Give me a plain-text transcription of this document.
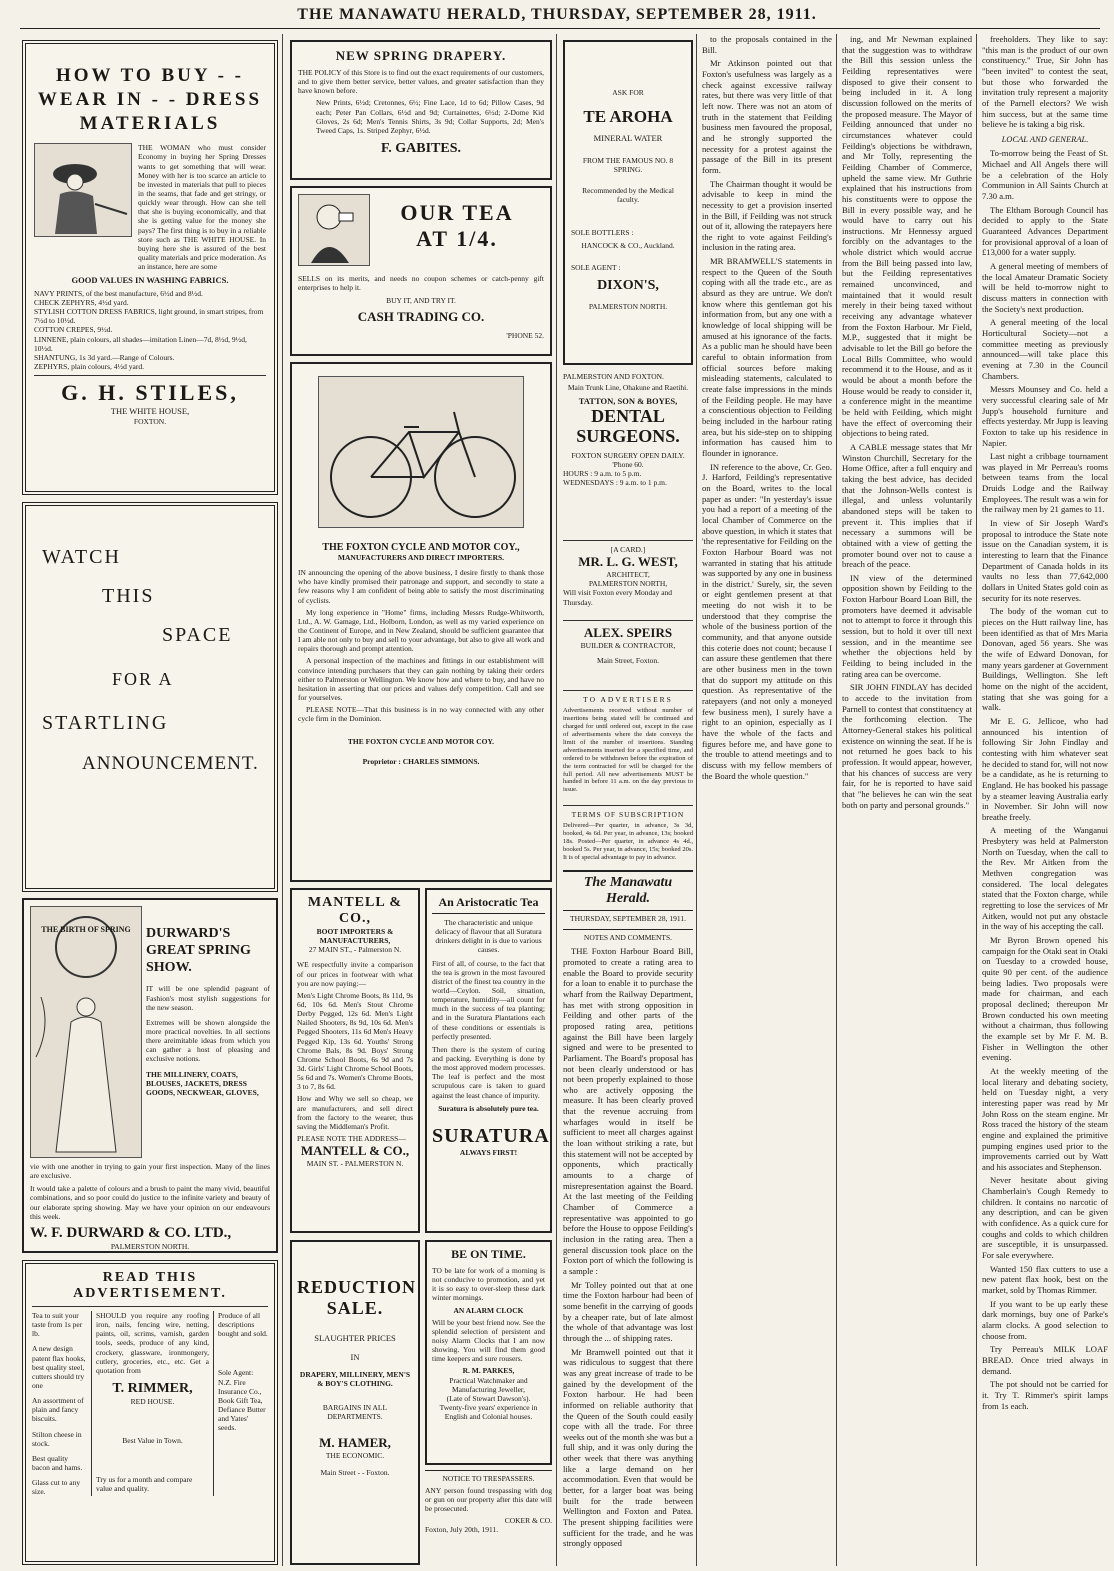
THE MANAWATU HERALD, THURSDAY, SEPTEMBER 28, 1911.
HOW TO BUY - - WEAR IN - - DRESS MATERIALS
THE WOMAN who must consider Economy in buying her Spring Dresses wants to get something that will wear. Money with her is too scarce an article to be invested in materials that pull to pieces in the seams, that fade and get stringy, or quickly wear through. How can she tell that she is buying economically, and that she is getting value for the money she pays? The first thing is to buy in a reliable store such as THE WHITE HOUSE. In buying here she is assured of the best quality materials and price moderation. As an instance, here are some
GOOD VALUES IN WASHING FABRICS.
NAVY PRINTS, of the best manufacture, 6½d and 8½d.
CHECK ZEPHYRS, 4½d yard.
STYLISH COTTON DRESS FABRICS, light ground, in smart stripes, from 7½d to 10½d.
COTTON CREPES, 9½d.
LINNENE, plain colours, all shades—imitation Linen—7d, 8½d, 9½d, 10½d.
SHANTUNG, 1s 3d yard.—Range of Colours.
ZEPHYRS, plain colours, 4½d yard.
G. H. STILES,
THE WHITE HOUSE,
FOXTON.
WATCH
THIS
SPACE
FOR A
STARTLING
ANNOUNCEMENT.
THE BIRTH OF SPRING DURWARD'S GREAT SPRING SHOW.
IT will be one splendid pageant of Fashion's most stylish suggestions for the new season.
Extremes will be shown alongside the more practical novelties. In all sections there areimitable ideas from which you can gather a host of pleasing and exclusive notions.
THE MILLINERY, COATS, BLOUSES, JACKETS, DRESS GOODS, NECKWEAR, GLOVES,
vie with one another in trying to gain your first inspection. Many of the lines are exclusive.
It would take a palette of colours and a brush to paint the many vivid, beautiful combinations, and so poor could do justice to the infinite variety and beauty of our elaborate spring showing. May we have your opinion on our endeavours this week.
W. F. DURWARD & CO. LTD.,
PALMERSTON NORTH.
READ THIS ADVERTISEMENT.
Tea to suit your taste from 1s per lb.
A new design patent flax hooks, best quality steel, cutters should try one
An assortment of plain and fancy biscuits.
Stilton cheese in stock.
Best quality bacon and hams.
Glass cut to any size.
SHOULD you require any roofing iron, nails, fencing wire, netting, paints, oil, scrims, varnish, garden tools, seeds, produce of any kind, crockery, glassware, ironmongery, cutlery, groceries, etc., etc. Get a quotation from
T. RIMMER,
RED HOUSE.
Best Value in Town.
Try us for a month and compare value and quality.
Produce of all descriptions bought and sold.
Sole Agent: N.Z. Fire Insurance Co., Book Gift Tea, Defiance Butter and Yates' seeds.
NEW SPRING DRAPERY.
THE POLICY of this Store is to find out the exact requirements of our customers, and to give them better service, better values, and greater satisfaction than they have known before.
New Prints, 6½d; Cretonnes, 6½; Fine Lace, 1d to 6d; Pillow Cases, 9d each; Peter Pan Collars, 6½d and 9d; Curtainettes, 6½d; 2-Dome Kid Gloves, 2s 6d; Men's Tennis Shirts, 3s 9d; Collar Supports, 2d; Men's Tweed Caps, 1s. Striped Zephyr, 6½d.
F. GABITES.
OUR TEA
AT 1/4.
SELLS on its merits, and needs no coupon schemes or catch-penny gift enterprises to help it.
BUY IT, AND TRY IT.
CASH TRADING CO.
'PHONE 52.
THE FOXTON CYCLE AND MOTOR COY.,
MANUFACTURERS AND DIRECT IMPORTERS.
IN announcing the opening of the above business, I desire firstly to thank those who have kindly promised their patronage and support, and secondly to state a few reasons why I am confident of being able to satisfy the most discriminating of cyclists.
My long experience in "Home" firms, including Messrs Rudge-Whitworth, Ltd., A. W. Gamage, Ltd., Holborn, London, as well as my varied experience on the Continent of Europe, and in New Zealand, should be sufficient guarantee that I am able not only to buy and sell to your advantage, but also to give all work and repairs thorough and prompt attention.
A personal inspection of the machines and fittings in our establishment will convince intending purchasers that they can gain nothing by taking their orders either to Palmerston or Wellington. We know how and where to buy, and have no hesitation in asserting that our prices and values defy competition. Call and see for yourselves.
PLEASE NOTE—That this business is in no way connected with any other cycle firm in the Dominion.
THE FOXTON CYCLE AND MOTOR COY.
Proprietor : CHARLES SIMMONS.
MANTELL & CO.,
BOOT IMPORTERS & MANUFACTURERS,
27 MAIN ST., - Palmerston N.
WE respectfully invite a comparison of our prices in footwear with what you are now paying:—
Men's Light Chrome Boots, 8s 11d, 9s 6d, 10s 6d. Men's Stout Chrome Derby Pegged, 12s 6d. Men's Light Nailed Shooters, 8s 9d, 10s 6d. Men's Pegged Shooters, 11s 6d Men's Heavy Pegged Kip, 13s 6d. Youths' Strong Chrome Bals, 8s 9d. Boys' Strong Chrome School Boots, 6s 9d and 7s 3d. Girls' Light Chrome School Boots, 5s 6d and 7s. Women's Chrome Boots, 3 to 7, 8s 6d.
How and Why we sell so cheap, we are manufacturers, and sell direct from the factory to the wearer, thus saving the Middleman's Profit.
PLEASE NOTE THE ADDRESS—
MANTELL & CO.,
MAIN ST. - PALMERSTON N.
An Aristocratic Tea
The characteristic and unique delicacy of flavour that all Suratura drinkers delight in is due to various causes.
First of all, of course, to the fact that the tea is grown in the most favoured district of the finest tea country in the world—Ceylon. Soil, situation, temperature, humidity—all count for much in the success of tea planting; and in the Suratura Plantations each of these conditions or essentials is perfectly presented.
Then there is the system of curing and packing. Everything is done by the most approved modern processes. The leaf is perfect and the most scrupulous care is taken to guard against the least chance of impurity.
Suratura is absolutely pure tea.
SURATURA
ALWAYS FIRST!
REDUCTION
SALE.
SLAUGHTER PRICES
IN
DRAPERY, MILLINERY, MEN'S & BOY'S CLOTHING.
BARGAINS IN ALL DEPARTMENTS.
M. HAMER,
THE ECONOMIC.
Main Street - - Foxton.
BE ON TIME.
TO be late for work of a morning is not conducive to promotion, and yet it is so easy to over-sleep these dark winter mornings.
AN ALARM CLOCK
Will be your best friend now. See the splendid selection of persistent and noisy Alarm Clocks that I am now showing. You will find them good time keepers and sure rousers.
R. M. PARKES,
Practical Watchmaker and Manufacturing Jeweller,
(Late of Stewart Dawson's).
Twenty-five years' experience in English and Colonial houses.
NOTICE TO TRESPASSERS.
ANY person found trespassing with dog or gun on our property after this date will be prosecuted.
COKER & CO.
Foxton, July 20th, 1911.
ASK FOR
TE AROHA
MINERAL WATER
FROM THE FAMOUS NO. 8 SPRING.
Recommended by the Medical faculty.
SOLE BOTTLERS :
HANCOCK & CO., Auckland.
SOLE AGENT :
DIXON'S,
PALMERSTON NORTH.
PALMERSTON AND FOXTON.
Main Trunk Line, Ohakune and Raetihi.
TATTON, SON & BOYES,
DENTAL SURGEONS.
FOXTON SURGERY OPEN DAILY.
'Phone 60.
HOURS : 9 a.m. to 5 p.m.
WEDNESDAYS : 9 a.m. to 1 p.m.
[A CARD.]
MR. L. G. WEST,
ARCHITECT,
PALMERSTON NORTH,
Will visit Foxton every Monday and Thursday.
ALEX. SPEIRS
BUILDER & CONTRACTOR,
Main Street, Foxton.
TO ADVERTISERS
Advertisements received without number of insertions being stated will be continued and charged for until ordered out, except in the case of advertisements where the date conveys the limit of the number of insertions. Standing advertisements inserted for a specified time, and ordered to be withdrawn before the expiration of the term contracted for will be charged for the full period. All new advertisements MUST be handed in before 11 a.m. on the day previous to issue.
TERMS OF SUBSCRIPTION
Delivered—Per quarter, in advance, 3s 3d, booked, 4s 6d. Per year, in advance, 13s; booked 18s. Posted—Per quarter, in advance 4s 4d., booked 5s. Per year, in advance, 15s; booked 20s. It is of special advantage to pay in advance.
The Manawatu Herald.
THURSDAY, SEPTEMBER 28, 1911.
NOTES AND COMMENTS.

THE Foxton Harbour Board Bill, promoted to create a rating area to enable the Board to provide security for a loan to enable it to purchase the wharf from the Railway Department, has met with strong opposition in Feilding and other parts of the proposed rating area, petitions against the Bill have been largely signed and were to be presented to Parliament. The Board's proposal has not been clearly understood or has not been properly explained to those who are actively opposing the measure. It has been clearly proved that the revenue accruing from wharfages would in itself be sufficient to meet all charges against the loan without striking a rate, but this statement will not be accepted by opponents, which practically amounts to a charge of misrepresentation against the Board. At the last meeting of the Feilding Chamber of Commerce a representative was appointed to go before the House to oppose Feilding's inclusion in the rating area. Then a general discussion took place on the Foxton port of which the following is a sample :

Mr Tolley pointed out that at one time the Foxton harbour had been of some benefit in the carrying of goods by a cheaper rate, but of late almost the whole of that advantage was lost through the ... of shipping rates.

Mr Bramwell pointed out that it was ridiculous to suggest that there was any great increase of trade to be gained by the development of the Foxton harbour. He had been informed on reliable authority that the Queen of the South could easily cope with all the trade. For three weeks out of the month she was but a full ship, and it was only during the other week that there was anything like a large demand on her accommodation. Even that would be better, for a larger boat was being built for the trade between Wellington and Foxton and Patea. The present shipping facilities were sufficient for the trade, and he was strongly opposed

to the proposals contained in the Bill.

Mr Atkinson pointed out that Foxton's usefulness was largely as a check against excessive railway rates, but there was very little of that left now. There was not an atom of truth in the statement that Feilding business men favoured the proposal, and he strongly supported the necessity for a protest against the passage of the Bill in its present form.

The Chairman thought it would be advisable to keep in mind the necessity to get a provision inserted in the Bill, if Feilding was not struck out of it, allowing the ratepayers here the right to vote against Feilding's inclusion in the rating area.

MR BRAMWELL'S statements in respect to the Queen of the South coping with all the trade etc., are as absurd as they are untrue. We don't know where this gentleman got his information from, but any one with a knowledge of local shipping will be amused at his ignorance of the facts. As a public man he should have been careful to obtain information from official sources before making misleading statements, calculated to create false impressions in the minds of the Feilding people. He may have a conscientious objection to Feilding being included in the harbour rating area, but his side-step on to shipping information has caused him to flounder in ignorance.

IN reference to the above, Cr. Geo. J. Harford, Feilding's representative on the Board, writes to the local paper as under: "In yesterday's issue you had a report of a meeting of the local Chamber of Commerce on the above question, in which it states that 'the representative for Feilding on the Foxton Harbour Board was not warranted in stating that his attitude was supported by any one in business in the district.' Surely, sir, the seven or eight gentlemen present at that meeting do not wish it to be understood that they comprise the whole of the business portion of the community, and that anyone outside this coterie does not count; because I can assure these gentlemen that there are other business men in the town that do support my attitude on this question. As representative of the ratepayers (and not only a moneyed few business men), I surely have a right to an opinion, especially as I have the whole of the facts and figures before me, and have gone to the trouble to attend meetings and to discuss with my fellow members of the Board the whole question."

ing, and Mr Newman explained that the suggestion was to withdraw the Bill this session unless the Feilding representatives were disposed to give their consent to being included in it. A long discussion followed on the merits of the proposed measure. The Mayor of Feilding announced that under no circumstances whatever could Feilding's objections be withdrawn, and Mr Tolly, representing the Feilding Chamber of Commerce, upheld the same view. Mr Guthrie explained that his instructions from his constituents were to oppose the Bill in every possible way, and he would have to carry out his instructions. Mr Hennessy argued forcibly on the advantages to the whole district which would accrue from the Bill being passed into law, but the Feilding representatives remained unconvinced, and maintained that it would result merely in their being taxed without receiving any advantage whatever from the Foxton Harbour. Mr Field, M.P., suggested that it might be advisable to let the Bill go before the Local Bills Committee, who would recommend it to the House, and as it would be about a month before the House would be ready to consider it, a conference might in the meantime be held with Feilding, which might have the effect of overcoming their objections to being rated.

A CABLE message states that Mr Winston Churchill, Secretary for the Home Office, after a full enquiry and taking the best advice, has decided that the Johnson-Wells contest is illegal, and unless voluntarily abandoned steps will be taken to prevent it. This implies that if necessary a summons will be obtained with a view of getting the promoter bound over not to cause a breach of the peace.

IN view of the determined opposition shown by Feilding to the Foxton Harbour Board Loan Bill, the promoters have deemed it advisable not to attempt to force it through this session, but to hold it over till next session, and in the meantime see whether the objections held by Feilding to being included in the rating area can be overcome.

SIR JOHN FINDLAY has decided to accede to the invitation from Parnell to contest that constituency at the forthcoming election. The Attorney-General stakes his political existence on winning the seat. If he is not returned he goes back to his profession. It would appear, however, that his chances of success are very fair, for he is reported to have said that "he believes he can win the seat both on party and personal grounds."

freeholders. They like to say: "this man is the product of our own constituency." True, Sir John has "been invited" to contest the seat, but those who forwarded the invitation truly represent a majority of the Parnell electors? We wish him success, but at the same time believe he is taking a big risk.

LOCAL AND GENERAL.

To-morrow being the Feast of St. Michael and All Angels there will be a celebration of the Holy Communion in All Saints Church at 7.30 a.m.

The Eltham Borough Council has decided to apply to the State Guaranteed Advances Department for provisional approval of a loan of £13,000 for a water supply.

A general meeting of members of the local Amateur Dramatic Society will be held to-morrow night to discuss matters in connection with the Society's next production.

A general meeting of the local Horticultural Society—not a committee meeting as previously announced—will take place this evening at 7.30 in the Council Chambers.

Messrs Mounsey and Co. held a very successful clearing sale of Mr Jupp's household furniture and effects yesterday. Mr Jupp is leaving Foxton to take up his residence in Napier.

Last night a cribbage tournament was played in Mr Perreau's rooms between teams from the local Druids Lodge and the Railway Employees. The result was a win for the railway men by 21 games to 11.

In view of Sir Joseph Ward's proposal to introduce the State note issue on the Canadian system, it is interesting to learn that the Finance Department of Canada holds in its vaults no less than 77,642,000 dollars in United States gold coin as security for its note reserves.

The body of the woman cut to pieces on the Hutt railway line, has been identified as that of Mrs Maria Donovan, aged 56 years. She was the wife of Edward Donovan, for many years gardener at Government Buildings, Wellington. She left home on the night of the accident, stating that she was going for a walk.

Mr E. G. Jellicoe, who had announced his intention of following Sir John Findlay and contesting with him whatever seat he decided to stand for, will not now be a candidate, as he is returning to England. He has booked his passage by a steamer leaving Australia early in November. Sir John will now breathe freely.

A meeting of the Wanganui Presbytery was held at Palmerston North on Tuesday, when the call to the Rev. Mr Aitken from the Methven congregation was considered. The local delegates stated that the Foxton charge, while regretting to lose the services of Mr Aitken, would not put any obstacle in the way of his accepting the call.

Mr Byron Brown opened his campaign for the Otaki seat in Otaki on Tuesday to a crowded house, quite 90 per cent. of the audience being ladies. Two proposals were made for chairman, and each proposal declined; thereupon Mr Brown conducted his own meeting without a chairman, thus following the example set by Mr F. M. B. Fisher in Wellington the other evening.

At the weekly meeting of the local literary and debating society, held on Tuesday night, a very interesting paper was read by Mr John Ross on the steam engine. Mr Ross traced the history of the steam engine and explained the primitive pumping engines used prior to the improvements carried out by Watt and his associates and Stephenson.

Never hesitate about giving Chamberlain's Cough Remedy to children. It contains no narcotic of any description, and can be given with confidence. As a quick cure for coughs and colds to which children are susceptible, it is unsurpassed. For sale everywhere.

Wanted 150 flax cutters to use a new patent flax hook, best on the market, sold by Thomas Rimmer.

If you want to be up early these dark mornings, buy one of Parke's alarm clocks. A good selection to choose from.

Try Perreau's MILK LOAF BREAD. Once tried always in demand.

The pot should not be carried for it. Try T. Rimmer's spirit lamps from 1s each.
